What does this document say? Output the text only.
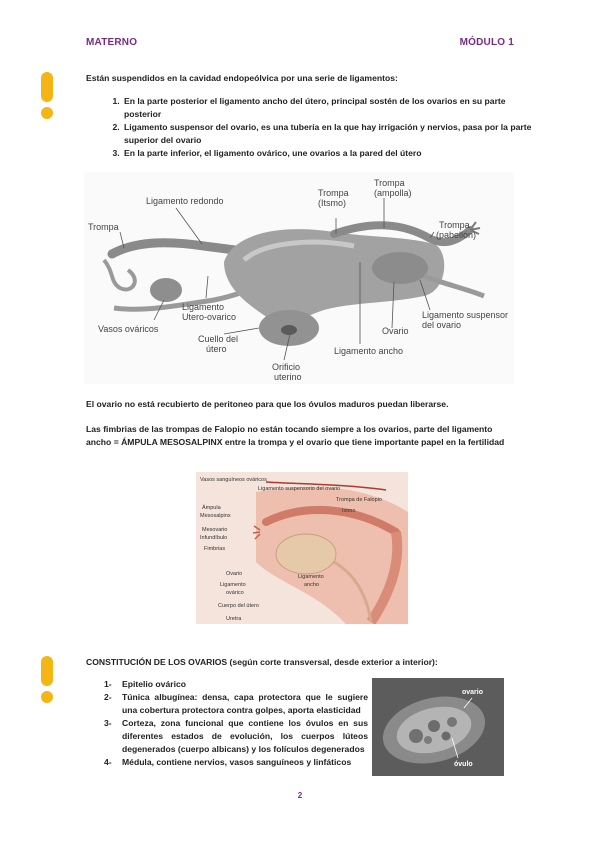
MATERNO	MÓDULO 1

Están suspendidos en la cavidad endopeólvica por una serie de ligamentos:

1. En la parte posterior el ligamento ancho del útero, principal sostén de los ovarios en su parte posterior
2. Ligamento suspensor del ovario, es una tubería en la que hay irrigación y nervios, pasa por la parte superior del ovario
3. En la parte inferior, el ligamento ovárico, une ovarios a la pared del útero
Trompa
Ligamento redondo
Trompa
(Itsmo)
Trompa
(ampolla)
Trompa
(pabellón)
Vasos ováricos
Ligamento
Utero-ovarico
Cuello del
útero
Orificio
uterino
Ligamento ancho
Ovario
Ligamento suspensor
del ovario

El ovario no está recubierto de peritoneo para que los óvulos maduros puedan liberarse.

Las fimbrias de las trompas de Falopio no están tocando siempre a los ovarios, parte del ligamento ancho = ÁMPULA MESOSALPINX entre la trompa y el ovario que tiene importante papel en la fertilidad

Vasos sanguíneos ováricos
Ligamento suspensorio del ovario
Ámpula
Mesosalpinx
Trompa de Falopio
Istmo
Mesovario
Infundíbulo
Fimbrias
Ovario
Ligamento
ovárico
Ligamento
ancho
Cuerpo del útero
Uretra

CONSTITUCIÓN DE LOS OVARIOS (según corte transversal, desde exterior a interior):

1- Epitelio ovárico
2- Túnica albugínea: densa, capa protectora que le sugiere una cobertura protectora contra golpes, aporta elasticidad
3- Corteza, zona funcional que contiene los óvulos en sus diferentes estados de evolución, los cuerpos lúteos degenerados (cuerpo albicans) y los folículos degenerados
4- Médula, contiene nervios, vasos sanguíneos y linfáticos
ovario
óvulo
2
